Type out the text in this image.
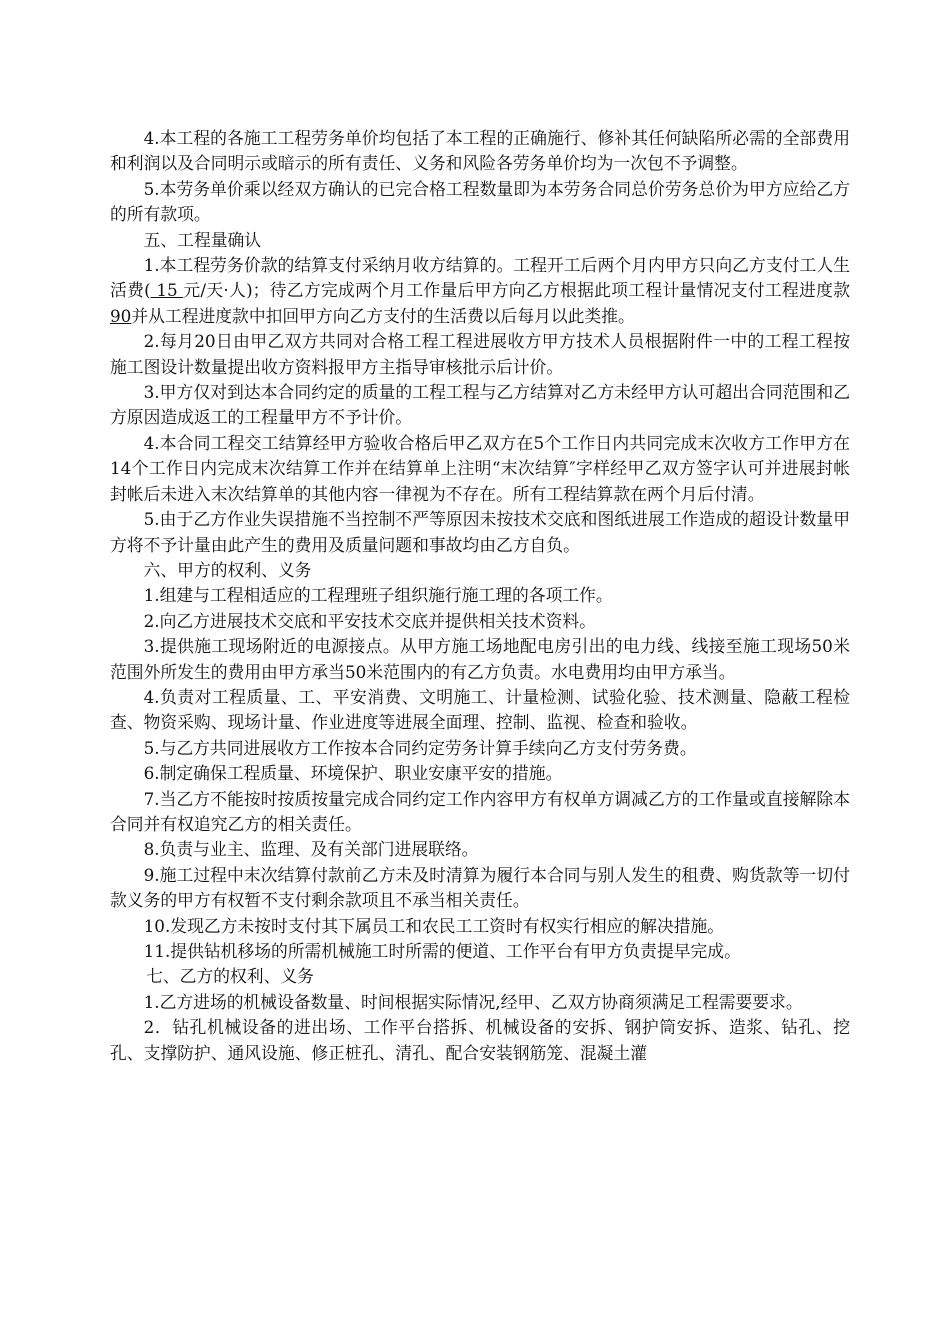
4.本工程的各施工工程劳务单价均包括了本工程的正确施行、修补其任何缺陷所必需的全部费用和利润以及合同明示或暗示的所有责任、义务和风险各劳务单价均为一次包不予调整。

5.本劳务单价乘以经双方确认的已完合格工程数量即为本劳务合同总价劳务总价为甲方应给乙方的所有款项。

五、工程量确认

1.本工程劳务价款的结算支付采纳月收方结算的。工程开工后两个月内甲方只向乙方支付工人生活费( 15 元/天·人)；待乙方完成两个月工作量后甲方向乙方根据此项工程计量情况支付工程进度款90并从工程进度款中扣回甲方向乙方支付的生活费以后每月以此类推。

2.每月20日由甲乙双方共同对合格工程工程进展收方甲方技术人员根据附件一中的工程工程按施工图设计数量提出收方资料报甲方主指导审核批示后计价。

3.甲方仅对到达本合同约定的质量的工程工程与乙方结算对乙方未经甲方认可超出合同范围和乙方原因造成返工的工程量甲方不予计价。

4.本合同工程交工结算经甲方验收合格后甲乙双方在5个工作日内共同完成末次收方工作甲方在14个工作日内完成末次结算工作并在结算单上注明“末次结算″字样经甲乙双方签字认可并进展封帐封帐后未进入末次结算单的其他内容一律视为不存在。所有工程结算款在两个月后付清。

5.由于乙方作业失误措施不当控制不严等原因未按技术交底和图纸进展工作造成的超设计数量甲方将不予计量由此产生的费用及质量问题和事故均由乙方自负。

六、甲方的权利、义务

1.组建与工程相适应的工程理班子组织施行施工理的各项工作。

2.向乙方进展技术交底和平安技术交底并提供相关技术资料。

3.提供施工现场附近的电源接点。从甲方施工场地配电房引出的电力线、线接至施工现场50米范围外所发生的费用由甲方承当50米范围内的有乙方负责。水电费用均由甲方承当。

4.负责对工程质量、工、平安消费、文明施工、计量检测、试验化验、技术测量、隐蔽工程检查、物资采购、现场计量、作业进度等进展全面理、控制、监视、检查和验收。

5.与乙方共同进展收方工作按本合同约定劳务计算手续向乙方支付劳务费。

6.制定确保工程质量、环境保护、职业安康平安的措施。

7.当乙方不能按时按质按量完成合同约定工作内容甲方有权单方调减乙方的工作量或直接解除本合同并有权追究乙方的相关责任。

8.负责与业主、监理、及有关部门进展联络。

9.施工过程中末次结算付款前乙方未及时清算为履行本合同与别人发生的租费、购货款等一切付款义务的甲方有权暂不支付剩余款项且不承当相关责任。

10.发现乙方未按时支付其下属员工和农民工工资时有权实行相应的解决措施。

11.提供钻机移场的所需机械施工时所需的便道、工作平台有甲方负责提早完成。

七、乙方的权利、义务

1.乙方进场的机械设备数量、时间根据实际情况,经甲、乙双方协商须满足工程需要要求。

2．钻孔机械设备的进出场、工作平台搭拆、机械设备的安拆、钢护筒安拆、造浆、钻孔、挖孔、支撑防护、通风设施、修正桩孔、清孔、配合安装钢筋笼、混凝土灌
